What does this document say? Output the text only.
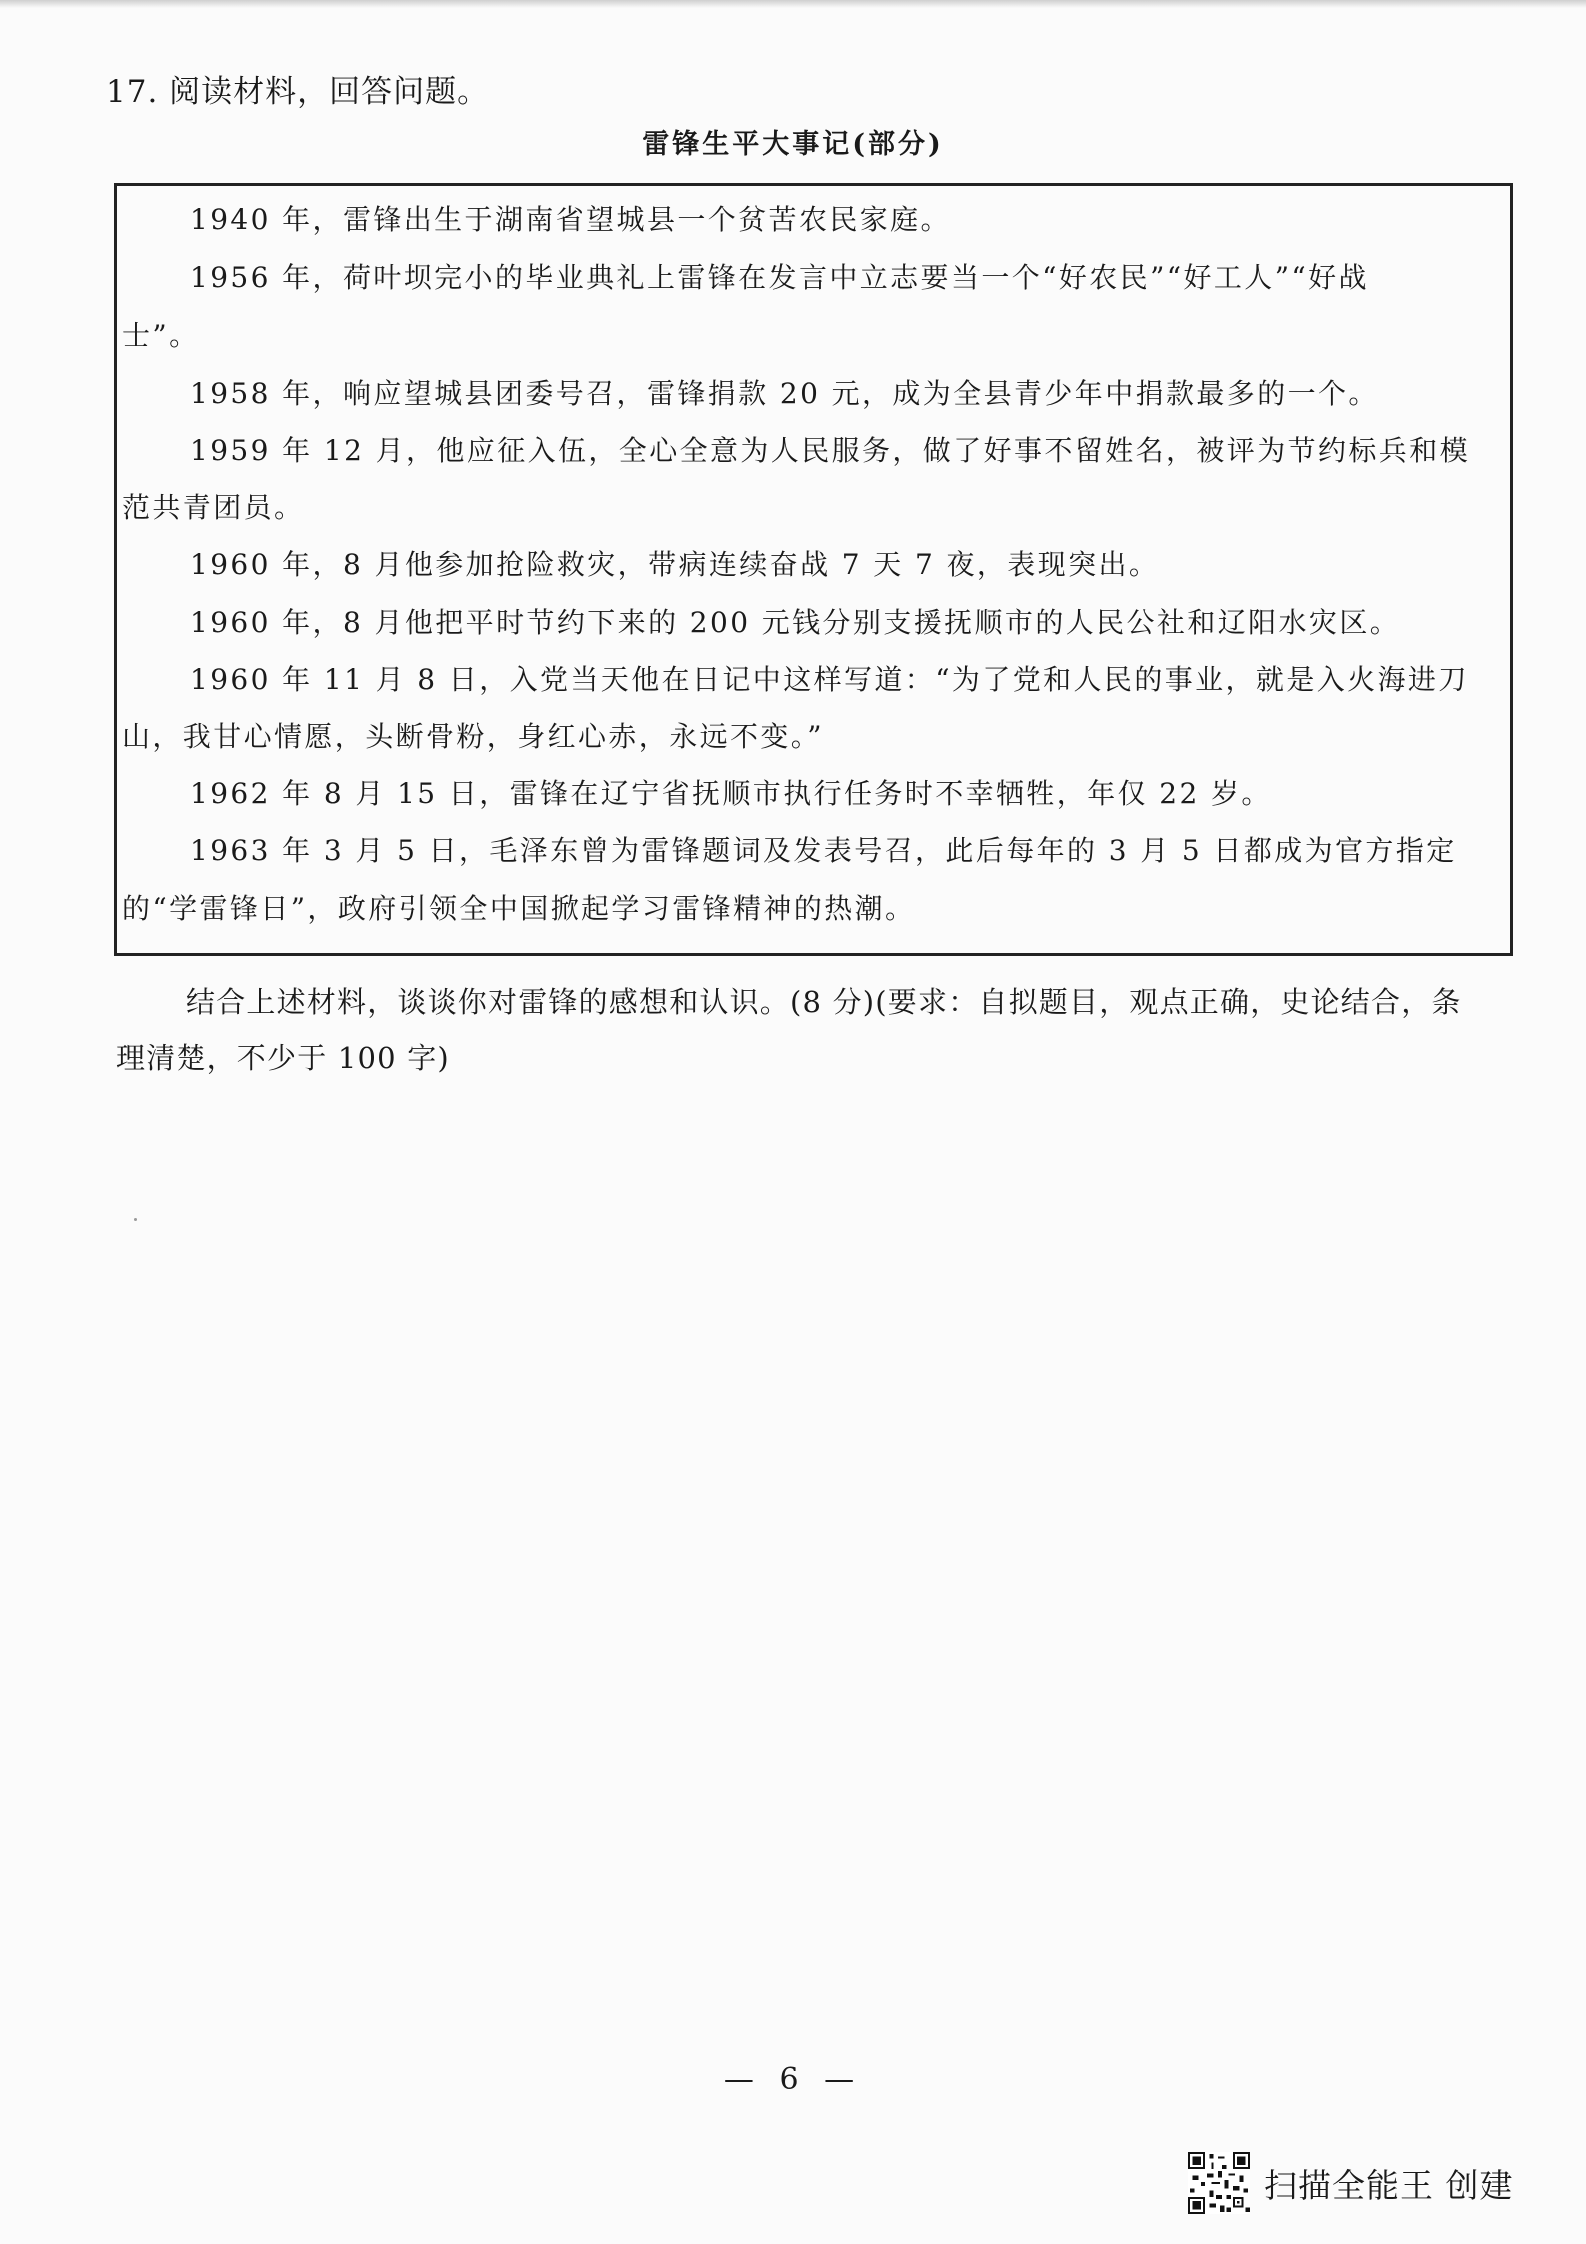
17. 阅读材料，回答问题。
雷锋生平大事记(部分)
1940 年，雷锋出生于湖南省望城县一个贫苦农民家庭。
1956 年，荷叶坝完小的毕业典礼上雷锋在发言中立志要当一个“好农民”“好工人”“好战
士”。
1958 年，响应望城县团委号召，雷锋捐款 20 元，成为全县青少年中捐款最多的一个。
1959 年 12 月，他应征入伍，全心全意为人民服务，做了好事不留姓名，被评为节约标兵和模
范共青团员。
1960 年，8 月他参加抢险救灾，带病连续奋战 7 天 7 夜，表现突出。
1960 年，8 月他把平时节约下来的 200 元钱分别支援抚顺市的人民公社和辽阳水灾区。
1960 年 11 月 8 日，入党当天他在日记中这样写道：“为了党和人民的事业，就是入火海进刀
山，我甘心情愿，头断骨粉，身红心赤，永远不变。”
1962 年 8 月 15 日，雷锋在辽宁省抚顺市执行任务时不幸牺牲，年仅 22 岁。
1963 年 3 月 5 日，毛泽东曾为雷锋题词及发表号召，此后每年的 3 月 5 日都成为官方指定
的“学雷锋日”，政府引领全中国掀起学习雷锋精神的热潮。
结合上述材料，谈谈你对雷锋的感想和认识。(8 分)(要求：自拟题目，观点正确，史论结合，条
理清楚，不少于 100 字)
— 6 —
扫描全能王 创建
